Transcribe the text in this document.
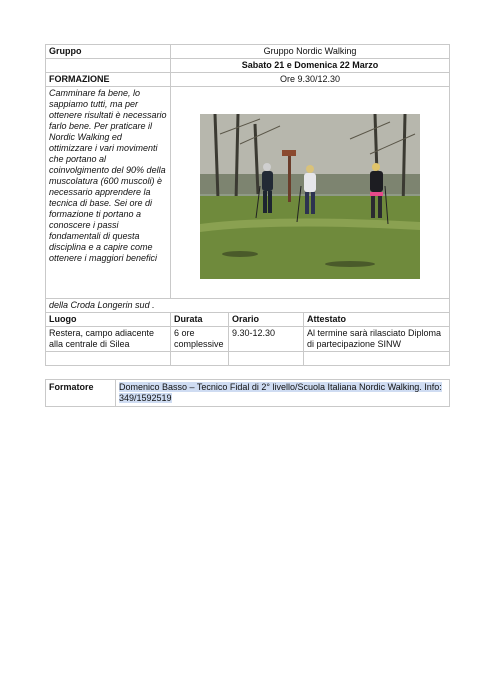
Gruppo	Gruppo Nordic Walking		
	Sabato 21 e Domenica 22 Marzo		
FORMAZIONE	Ore 9.30/12.30		
Camminare fa bene, lo sappiamo tutti, ma per ottenere risultati è necessario farlo bene. Per praticare il Nordic Walking ed ottimizzare i vari movimenti che portano al coinvolgimento del 90% della muscolatura (600 muscoli) è necessario apprendere la tecnica di base. Sei ore di formazione ti portano a conoscere i passi fondamentali di questa disciplina e a capire come ottenere i maggiori benefici	

della Croda Longerin sud .			
Luogo	Durata	Orario	Attestato
Restera, campo adiacente alla centrale di Silea	6 ore complessive	9.30-12.30	Al termine sarà rilasciato Diploma di partecipazione SINW

Formatore	Domenico Basso – Tecnico Fidal di 2° livello/Scuola Italiana Nordic Walking. Info: 349/1592519
